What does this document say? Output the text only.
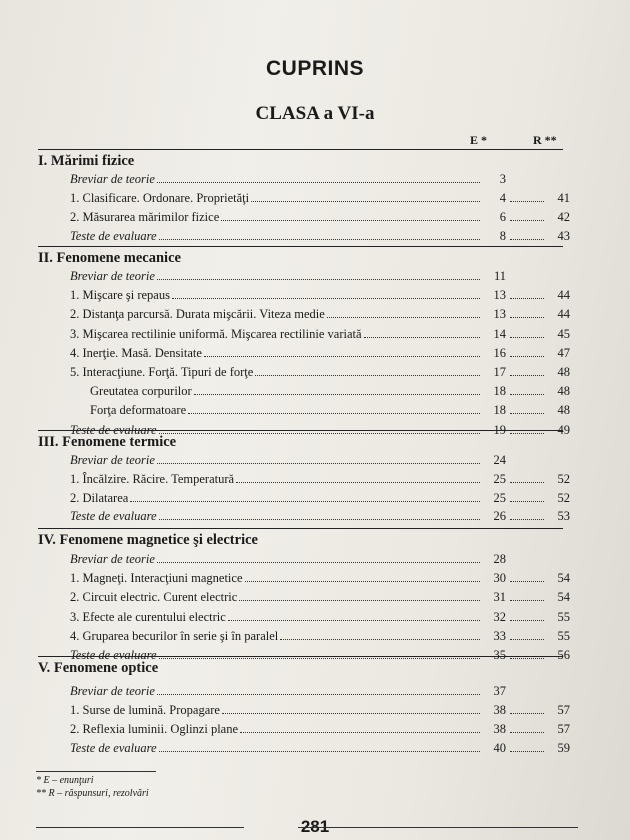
CUPRINS
CLASA a VI-a
E *	R **
I. Mărimi fizice
Breviar de teorie	3
1. Clasificare. Ordonare. Proprietăţi	4	41
2. Măsurarea mărimilor fizice	6	42
Teste de evaluare	8	43
II. Fenomene mecanice
Breviar de teorie	11
1. Mişcare şi repaus	13	44
2. Distanţa parcursă. Durata mişcării. Viteza medie	13	44
3. Mişcarea rectilinie uniformă. Mişcarea rectilinie variată	14	45
4. Inerţie. Masă. Densitate	16	47
5. Interacţiune. Forţă. Tipuri de forţe	17	48
Greutatea corpurilor	18	48
Forţa deformatoare	18	48
Teste de evaluare	19	49
III. Fenomene termice
Breviar de teorie	24
1. Încălzire. Răcire. Temperatură	25	52
2. Dilatarea	25	52
Teste de evaluare	26	53
IV. Fenomene magnetice şi electrice
Breviar de teorie	28
1. Magneţi. Interacţiuni magnetice	30	54
2. Circuit electric. Curent electric	31	54
3. Efecte ale curentului electric	32	55
4. Gruparea becurilor în serie şi în paralel	33	55
Teste de evaluare	35	56
V. Fenomene optice
Breviar de teorie	37
1. Surse de lumină. Propagare	38	57
2. Reflexia luminii. Oglinzi plane	38	57
Teste de evaluare	40	59
* E – enunţuri
** R – răspunsuri, rezolvări
281
